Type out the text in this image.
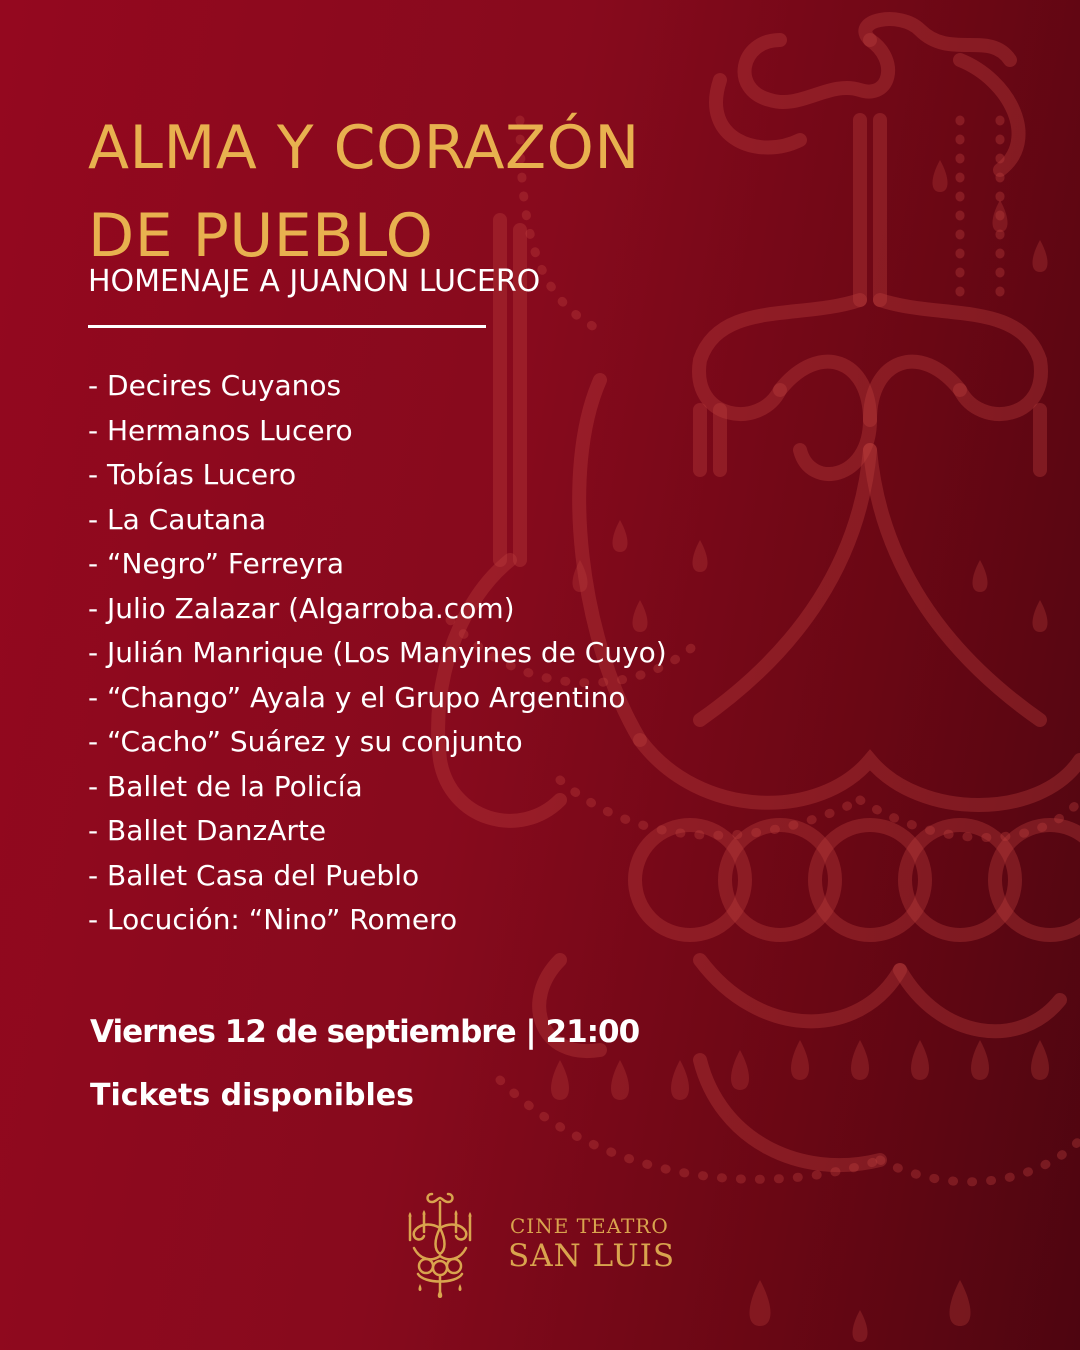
ALMA Y CORAZÓN
DE PUEBLO
HOMENAJE A JUANON LUCERO
- Decires Cuyanos
- Hermanos Lucero
- Tobías Lucero
- La Cautana
- “Negro” Ferreyra
- Julio Zalazar (Algarroba.com)
- Julián Manrique (Los Manyines de Cuyo)
- “Chango” Ayala y el Grupo Argentino
- “Cacho” Suárez y su conjunto
- Ballet de la Policía
- Ballet DanzArte
- Ballet Casa del Pueblo
- Locución: “Nino” Romero
Viernes 12 de septiembre | 21:00
Tickets disponibles
CINE TEATRO
SAN LUIS
